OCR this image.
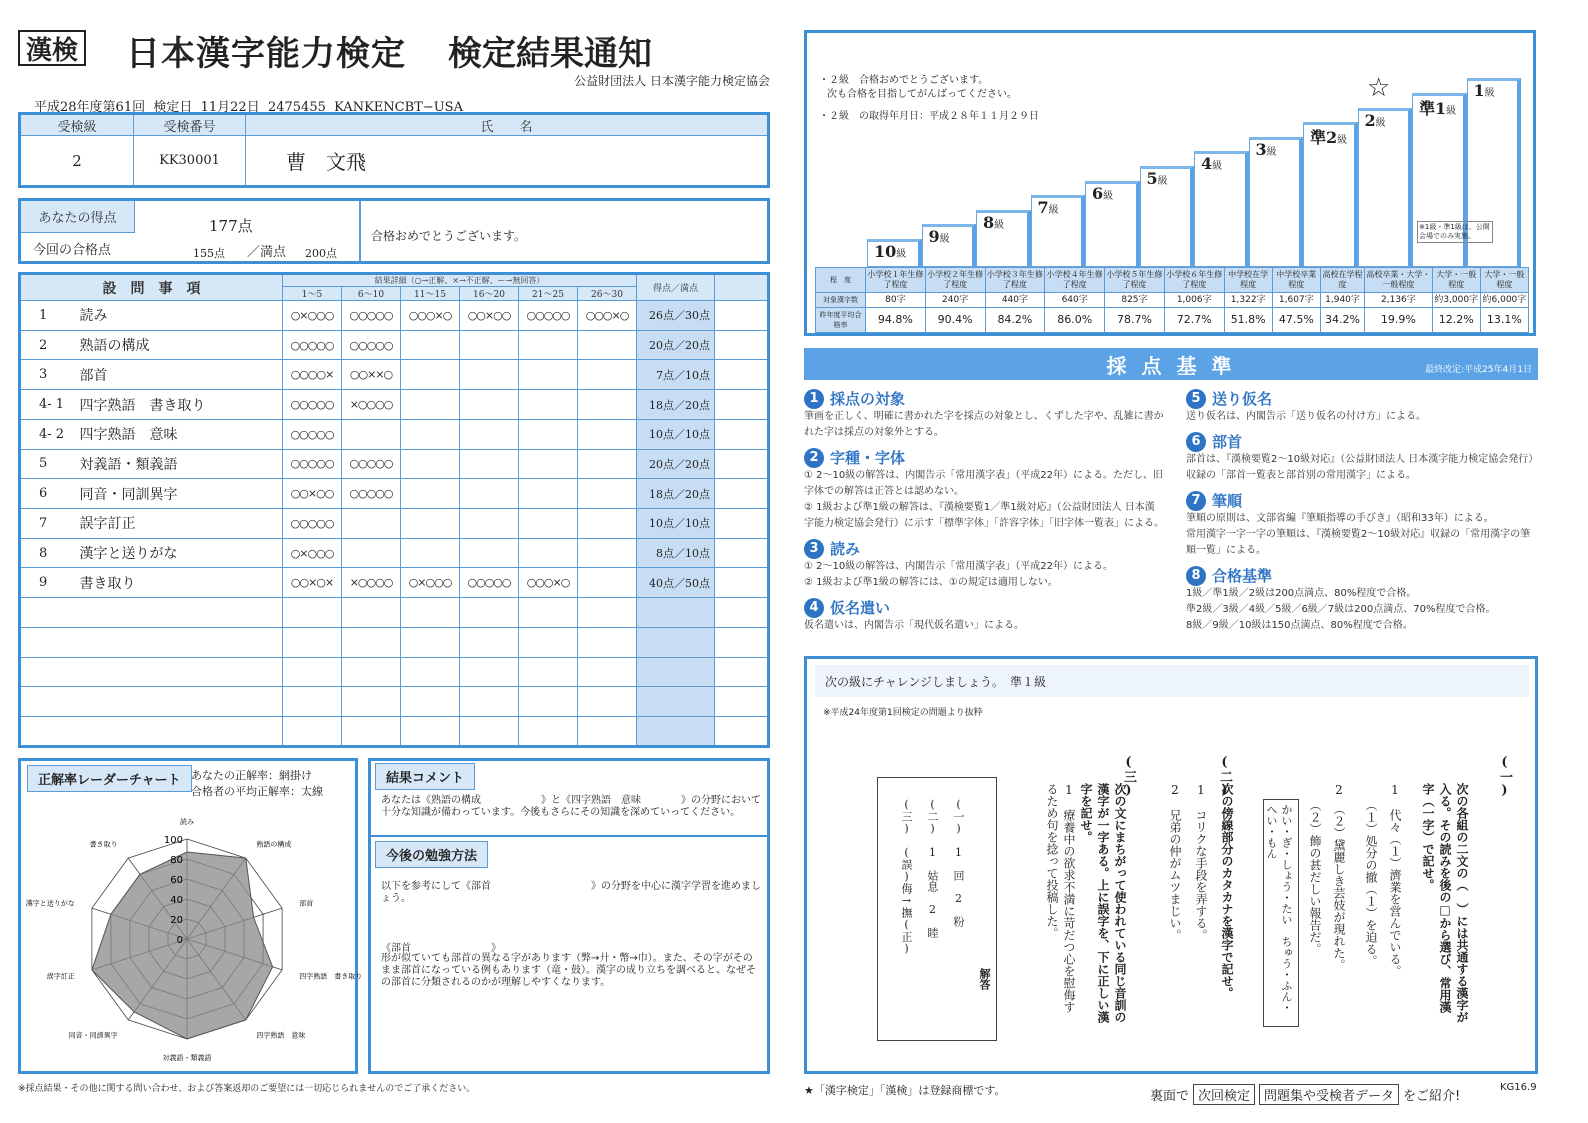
漢検 日本漢字能力検定 検定結果通知
公益財団法人 日本漢字能力検定協会
平成28年度第61回  検定日  11月22日  2475455  KANKENCBT−USA
受検級	受検番号	氏　　名
2	KK30001	曹　文飛
あなたの得点	177点
今回の合格点	155点 ／満点 200点
合格おめでとうございます。
設　問　事　項		結果詳細（○→正解、×→不正解、ー→無回答）						得点／満点	
		1～5	6～10	11～15	16～20	21～25	26～30		
1	読み	○×○○○	○○○○○	○○○×○	○○×○○	○○○○○	○○○×○	26点／30点	
2	熟語の構成	○○○○○	○○○○○					20点／20点	
3	部首	○○○○×	○○××○					7点／10点	
4- 1	四字熟語　書き取り	○○○○○	×○○○○					18点／20点	
4- 2	四字熟語　意味	○○○○○						10点／10点	
5	対義語・類義語	○○○○○	○○○○○					20点／20点	
6	同音・同訓異字	○○×○○	○○○○○					18点／20点	
7	誤字訂正	○○○○○						10点／10点	
8	漢字と送りがな	○×○○○						8点／10点	
9	書き取り	○○×○×	×○○○○	○×○○○	○○○○○	○○○×○		40点／50点	

正解率レーダーチャート あなたの正解率：網掛け
合格者の平均正解率：太線
100
80
60
40
20
0
読み
熟語の構成
部首
四字熟語　書き取り
四字熟語　意味
対義語・類義語
同音・同訓異字
誤字訂正
漢字と送りがな
書き取り
結果コメント
あなたは《熟語の構成　　　　　　》と《四字熟語　意味　　　　》の分野において十分な知識が備わっています。今後もさらにその知識を深めていってください。
今後の勉強方法
以下を参考にして《部首　　　　　　　　　　》の分野を中心に漢字学習を進めましょう。
《部首　　　　　　　　》
形が似ていても部首の異なる字があります（弊→廾・幣→巾）。また、その字がそのまま部首になっている例もあります（竜・鼓）。漢字の成り立ちを調べると、なぜその部首に分類されるのかが理解しやすくなります。
※採点結果・その他に関する問い合わせ、および答案返却のご要望には一切応じられませんのでご了承ください。
・２級　合格おめでとうございます。
次も合格を目指してがんばってください。
・２級　の取得年月日：平成２８年１１月２９日
10級
9級
8級
7級
6級
5級
4級
3級
準2級
2級
準1級
1級
☆
※1級・準1級は、公開会場でのみ実施。
程　度	小学校１年生修了程度	小学校２年生修了程度	小学校３年生修了程度	小学校４年生修了程度	小学校５年生修了程度	小学校６年生修了程度	中学校在学程度	中学校卒業程度	高校在学程度	高校卒業・大学・一般程度	大学・一般程度	大学・一般程度
対象漢字数	80字	240字	440字	640字	825字	1,006字	1,322字	1,607字	1,940字	2,136字	約3,000字	約6,000字
昨年度平均合格率	94.8%	90.4%	84.2%	86.0%	78.7%	72.7%	51.8%	47.5%	34.2%	19.9%	12.2%	13.1%
採 点 基 準	最終改定:平成25年4月1日
1 採点の対象
筆画を正しく、明確に書かれた字を採点の対象とし、くずした字や、乱雑に書かれた字は採点の対象外とする。
2 字種・字体
① 2～10級の解答は、内閣告示「常用漢字表」（平成22年）による。ただし、旧字体での解答は正答とは認めない。
② 1級および準1級の解答は、『漢検要覧1／準1級対応』（公益財団法人 日本漢字能力検定協会発行）に示す「標準字体」「許容字体」「旧字体一覧表」による。
3 読み
① 2～10級の解答は、内閣告示「常用漢字表」（平成22年）による。
② 1級および準1級の解答には、①の規定は適用しない。
4 仮名遣い
仮名遣いは、内閣告示「現代仮名遣い」による。
5 送り仮名
送り仮名は、内閣告示「送り仮名の付け方」による。
6 部首
部首は、『漢検要覧2～10級対応』（公益財団法人 日本漢字能力検定協会発行）収録の「部首一覧表と部首別の常用漢字」による。
7 筆順
筆順の原則は、文部省編『筆順指導の手びき』（昭和33年）による。
常用漢字一字一字の筆順は、『漢検要覧2～10級対応』収録の「常用漢字の筆順一覧」による。
8 合格基準
1級／準1級／2級は200点満点、80%程度で合格。
準2級／3級／4級／5級／6級／7級は200点満点、70%程度で合格。
8級／9級／10級は150点満点、80%程度で合格。
次の級にチャレンジしましょう。　準１級
※平成24年度第1回検定の問題より抜粋
(一)
次の各組の二文の（　）には共通する漢字が入る。その読みを後の□から選び、常用漢字（一字）で記せ。
1　代々（１）濟業を営んでいる。
（１）処分の撤（１）を迫る。
2　（２）黛麗しき芸妓が現れた。
（２）飾の甚だしい報告だ。
かい・ぎ・しょう・たい　ちゅう・ふん・へい・もん
(二)
次の傍線部分のカタカナを漢字で記せ。
1　コリクな手段を弄する。
2　兄弟の仲がムツまじい。
(三)
次の文にまちがって使われている同じ音訓の漢字が一字ある。上に誤字を、下に正しい漢字を記せ。
1　療養中の欲求不満に苛だつ心を慰侮するため句を捻って投稿した。
解答
(一)　1　回　2　粉
(二)　1　姑息　2　睦
(三)　(誤)侮→撫(正)
★「漢字検定」「漢検」は登録商標です。	裏面で 次回検定	問題集や受検者データ をご紹介!
KG16.9
